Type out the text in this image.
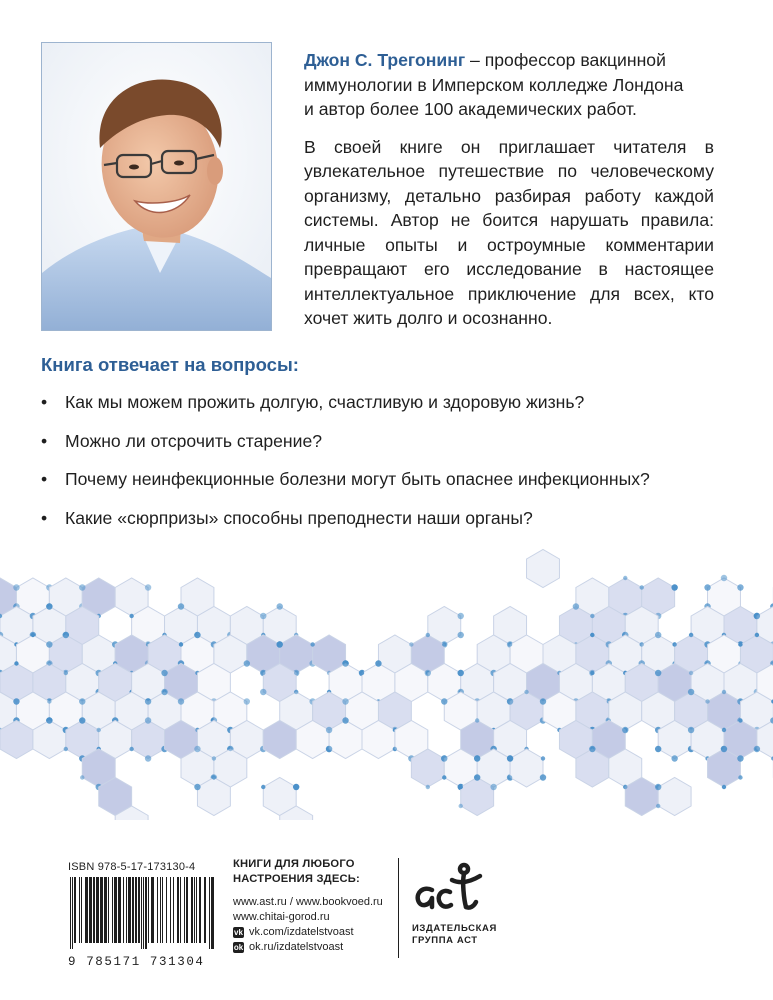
Джон С. Трегонинг – профессор вакцинной
иммунологии в Имперском колледже Лондона
и автор более 100 академических работ.

В своей книге он приглашает читателя в увлекательное путешествие по человеческому организму, детально разбирая работу каждой системы. Автор не боится нарушать правила: личные опыты и остроумные комментарии превращают его исследование в настоящее интеллектуальное приключение для всех, кто хочет жить долго и осознанно.

Книга отвечает на вопросы:
• Как мы можем прожить долгую, счастливую и здоровую жизнь?
• Можно ли отсрочить старение?
• Почему неинфекционные болезни могут быть опаснее инфекционных?
• Какие «сюрпризы» способны преподнести наши органы?
ISBN 978-5-17-173130-4
9 785171 731304
КНИГИ ДЛЯ ЛЮБОГО
НАСТРОЕНИЯ ЗДЕСЬ:
www.ast.ru / www.bookvoed.ru
www.chitai-gorod.ru
vk vk.com/izdatelstvoast
ok ok.ru/izdatelstvoast
ИЗДАТЕЛЬСКАЯ
ГРУППА АСТ
